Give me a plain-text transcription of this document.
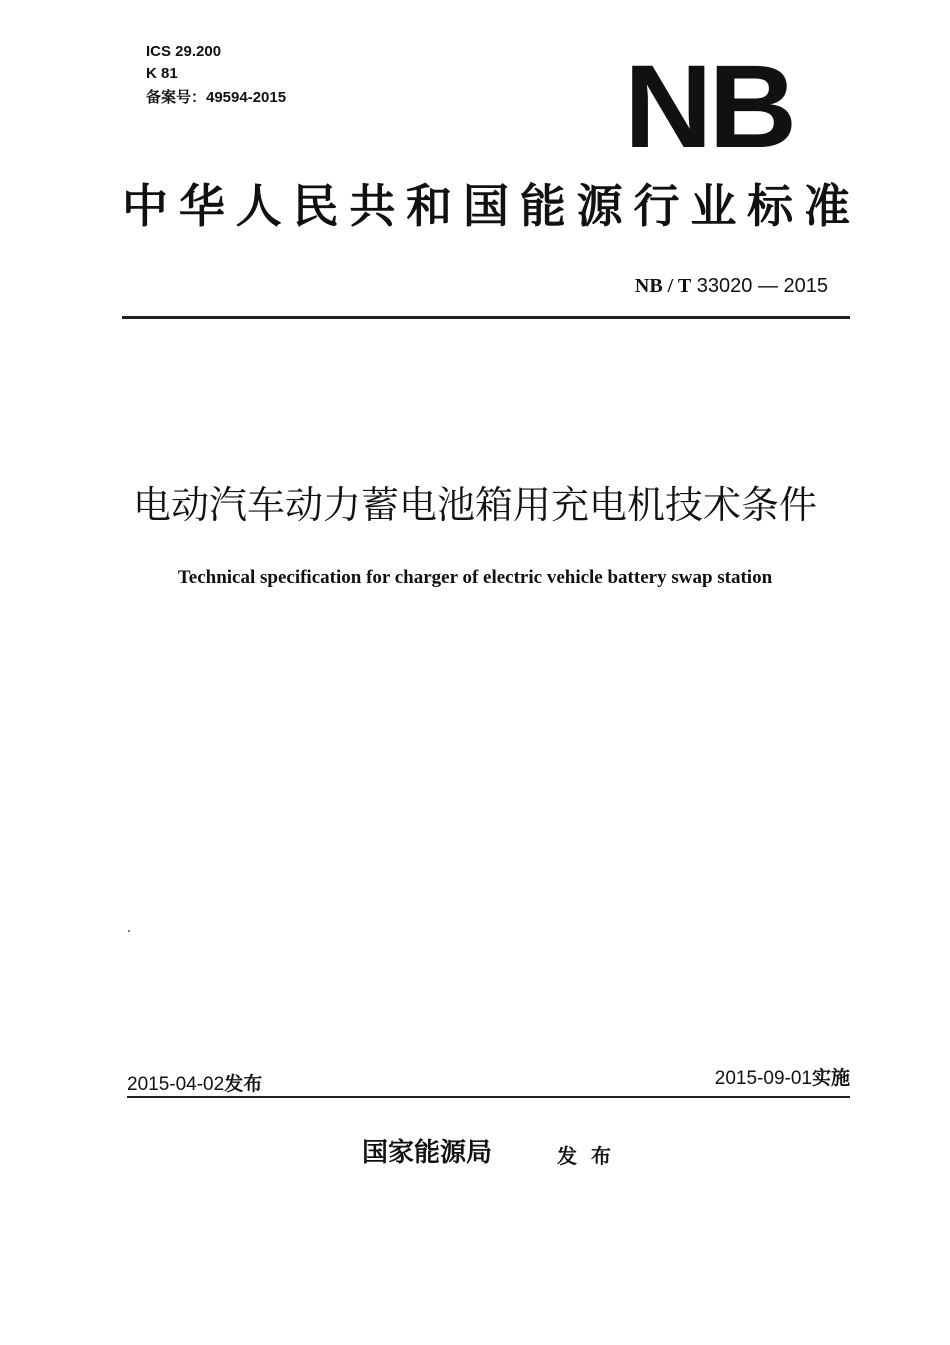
ICS 29.200
K 81
备案号：49594-2015	NB
中华人民共和国能源行业标准
NB / T 33020 — 2015
电动汽车动力蓄电池箱用充电机技术条件
Technical specification for charger of electric vehicle battery swap station
2015-04-02发布	2015-09-01实施
国家能源局	发布
